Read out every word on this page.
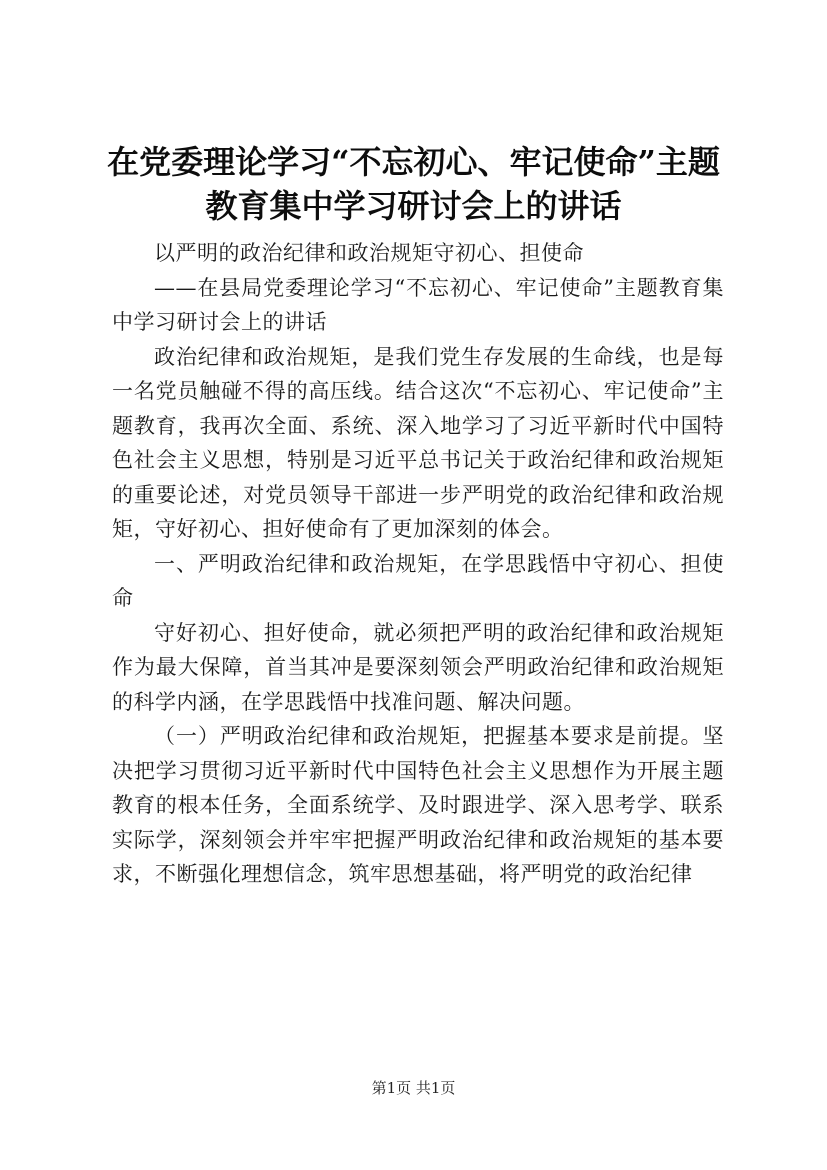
在党委理论学习“不忘初心、牢记使命”主题
教育集中学习研讨会上的讲话

以严明的政治纪律和政治规矩守初心、担使命

——在县局党委理论学习“不忘初心、牢记使命”主题教育集中学习研讨会上的讲话

政治纪律和政治规矩，是我们党生存发展的生命线，也是每一名党员触碰不得的高压线。结合这次“不忘初心、牢记使命”主题教育，我再次全面、系统、深入地学习了习近平新时代中国特色社会主义思想，特别是习近平总书记关于政治纪律和政治规矩的重要论述，对党员领导干部进一步严明党的政治纪律和政治规矩，守好初心、担好使命有了更加深刻的体会。

一、严明政治纪律和政治规矩，在学思践悟中守初心、担使命

守好初心、担好使命，就必须把严明的政治纪律和政治规矩作为最大保障，首当其冲是要深刻领会严明政治纪律和政治规矩的科学内涵，在学思践悟中找准问题、解决问题。

（一）严明政治纪律和政治规矩，把握基本要求是前提。坚决把学习贯彻习近平新时代中国特色社会主义思想作为开展主题教育的根本任务，全面系统学、及时跟进学、深入思考学、联系实际学，深刻领会并牢牢把握严明政治纪律和政治规矩的基本要求，不断强化理想信念，筑牢思想基础，将严明党的政治纪律

第1页 共1页
